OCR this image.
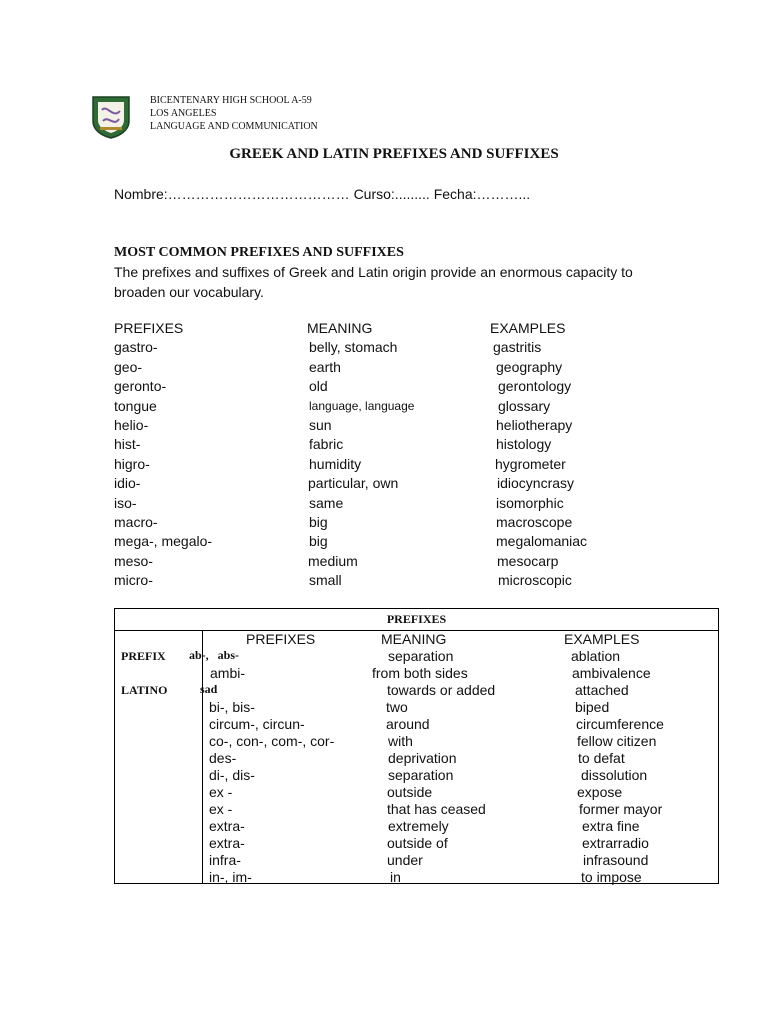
BICENTENARY HIGH SCHOOL A-59
LOS ANGELES
LANGUAGE AND COMMUNICATION
GREEK AND LATIN PREFIXES AND SUFFIXES
Nombre:………………………………… Curso:......... Fecha:………...
MOST COMMON PREFIXES AND SUFFIXES
The prefixes and suffixes of Greek and Latin origin provide an enormous capacity to broaden our vocabulary.
PREFIXES	MEANING	EXAMPLES
gastro-	belly, stomach	gastritis
geo-	earth	geography
geronto-	old	gerontology
tongue	language, language	glossary
helio-	sun	heliotherapy
hist-	fabric	histology
higro-	humidity	hygrometer
idio-	particular, own	idiocyncrasy
iso-	same	isomorphic
macro-	big	macroscope
mega-, megalo-	big	megalomaniac
meso-	medium	mesocarp
micro-	small	microscopic
PREFIXES
PREFIX
LATINO
PREFIXES	MEANING	EXAMPLES
ab-,   abs-	separation	ablation
ambi-	from both sides	ambivalence
sad	towards or added	attached
bi-, bis-	two	biped
circum-, circun-	around	circumference
co-, con-, com-, cor-	with	fellow citizen
des-	deprivation	to defat
di-, dis-	separation	dissolution
ex -	outside	expose
ex -	that has ceased	former mayor
extra-	extremely	extra fine
extra-	outside of	extrarradio
infra-	under	infrasound
in-, im-	in	to impose
